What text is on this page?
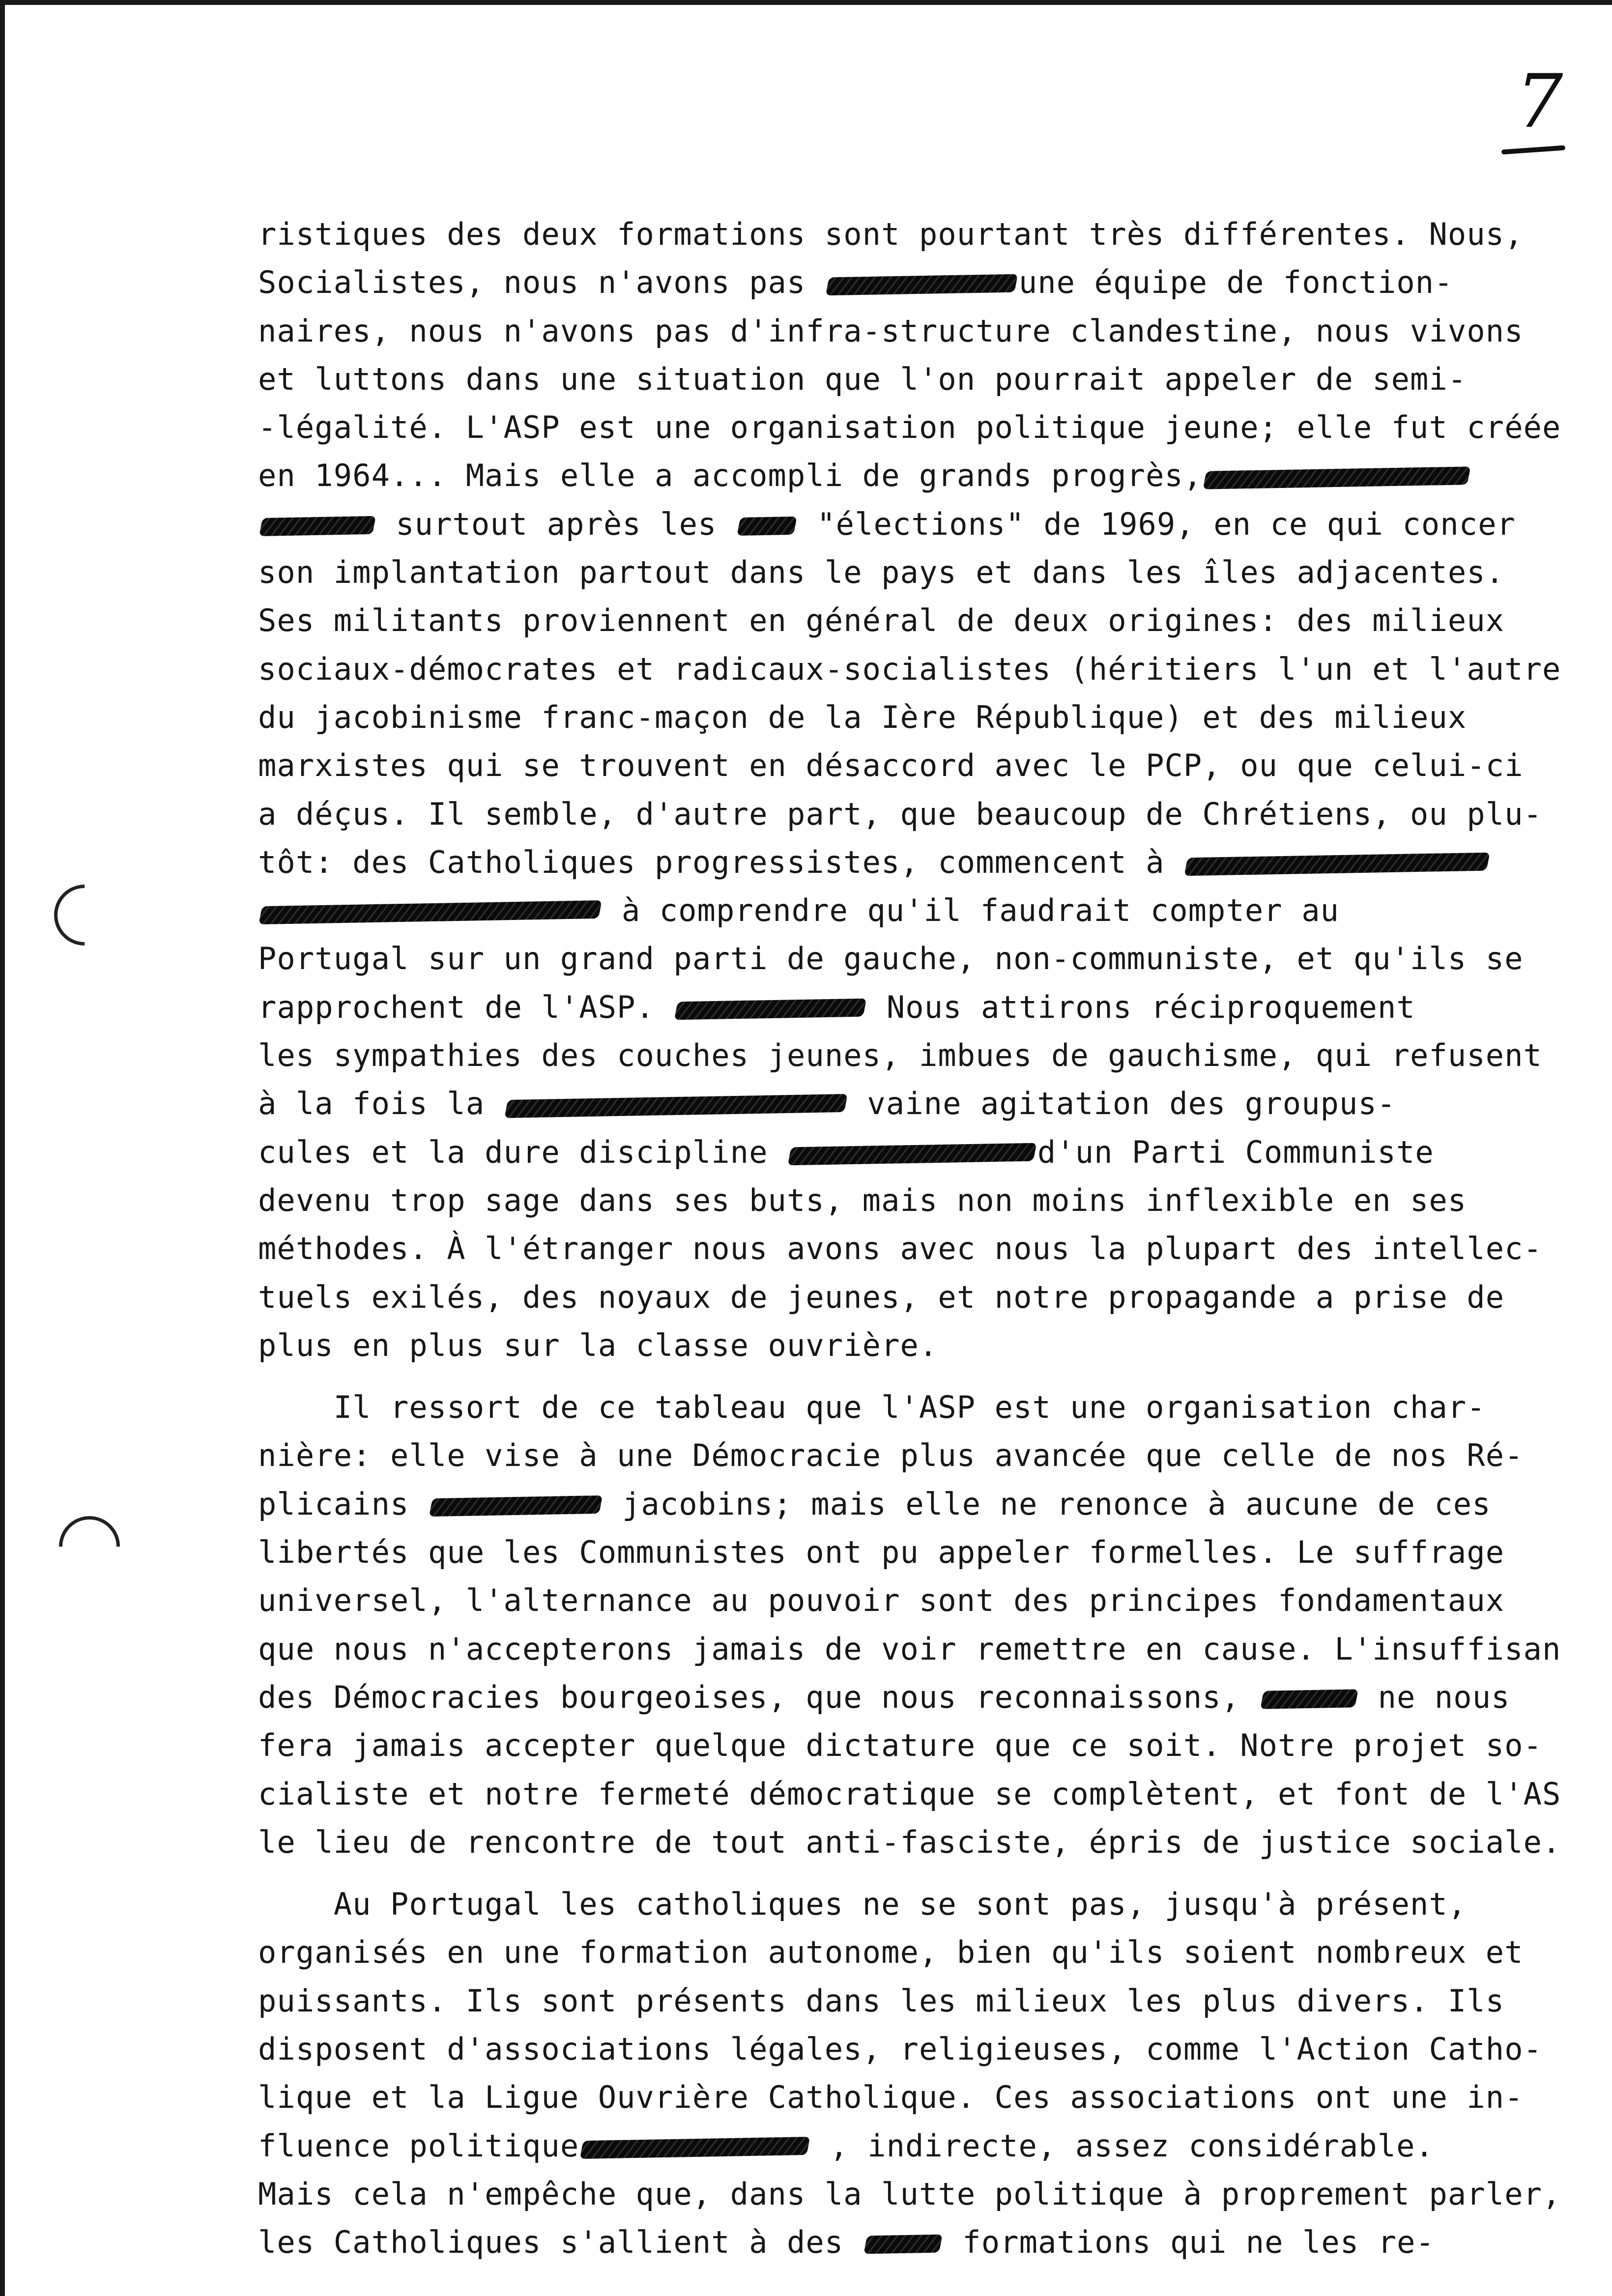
7
ristiques des deux formations sont pourtant très différentes. Nous,
Socialistes, nous n'avons pas	une équipe de fonction-
naires, nous n'avons pas d'infra-structure clandestine, nous vivons
et luttons dans une situation que l'on pourrait appeler de semi-
-légalité. L'ASP est une organisation politique jeune; elle fut créée
en 1964... Mais elle a accompli de grands progrès,
surtout après les  "élections" de 1969, en ce qui concer
son implantation partout dans le pays et dans les îles adjacentes.
Ses militants proviennent en général de deux origines: des milieux
sociaux-démocrates et radicaux-socialistes (héritiers l'un et l'autre
du jacobinisme franc-maçon de la Ière République) et des milieux
marxistes qui se trouvent en désaccord avec le PCP, ou que celui-ci
a déçus. Il semble, d'autre part, que beaucoup de Chrétiens, ou plu-
tôt: des Catholiques progressistes, commencent à
à comprendre qu'il faudrait compter au
Portugal sur un grand parti de gauche, non-communiste, et qu'ils se
rapprochent de l'ASP.	Nous attirons réciproquement
les sympathies des couches jeunes, imbues de gauchisme, qui refusent
à la fois la	vaine agitation des groupus-
cules et la dure discipline	d'un Parti Communiste
devenu trop sage dans ses buts, mais non moins inflexible en ses
méthodes. À l'étranger nous avons avec nous la plupart des intellec-
tuels exilés, des noyaux de jeunes, et notre propagande a prise de
plus en plus sur la classe ouvrière.
Il ressort de ce tableau que l'ASP est une organisation char-
nière: elle vise à une Démocracie plus avancée que celle de nos Ré-
plicains	jacobins; mais elle ne renonce à aucune de ces
libertés que les Communistes ont pu appeler formelles. Le suffrage
universel, l'alternance au pouvoir sont des principes fondamentaux
que nous n'accepterons jamais de voir remettre en cause. L'insuffisan
des Démocracies bourgeoises, que nous reconnaissons,	ne nous
fera jamais accepter quelque dictature que ce soit. Notre projet so-
cialiste et notre fermeté démocratique se complètent, et font de l'AS
le lieu de rencontre de tout anti-fasciste, épris de justice sociale.
Au Portugal les catholiques ne se sont pas, jusqu'à présent,
organisés en une formation autonome, bien qu'ils soient nombreux et
puissants. Ils sont présents dans les milieux les plus divers. Ils
disposent d'associations légales, religieuses, comme l'Action Catho-
lique et la Ligue Ouvrière Catholique. Ces associations ont une in-
fluence politique	, indirecte, assez considérable.
Mais cela n'empêche que, dans la lutte politique à proprement parler,
les Catholiques s'allient à des	formations qui ne les re-
